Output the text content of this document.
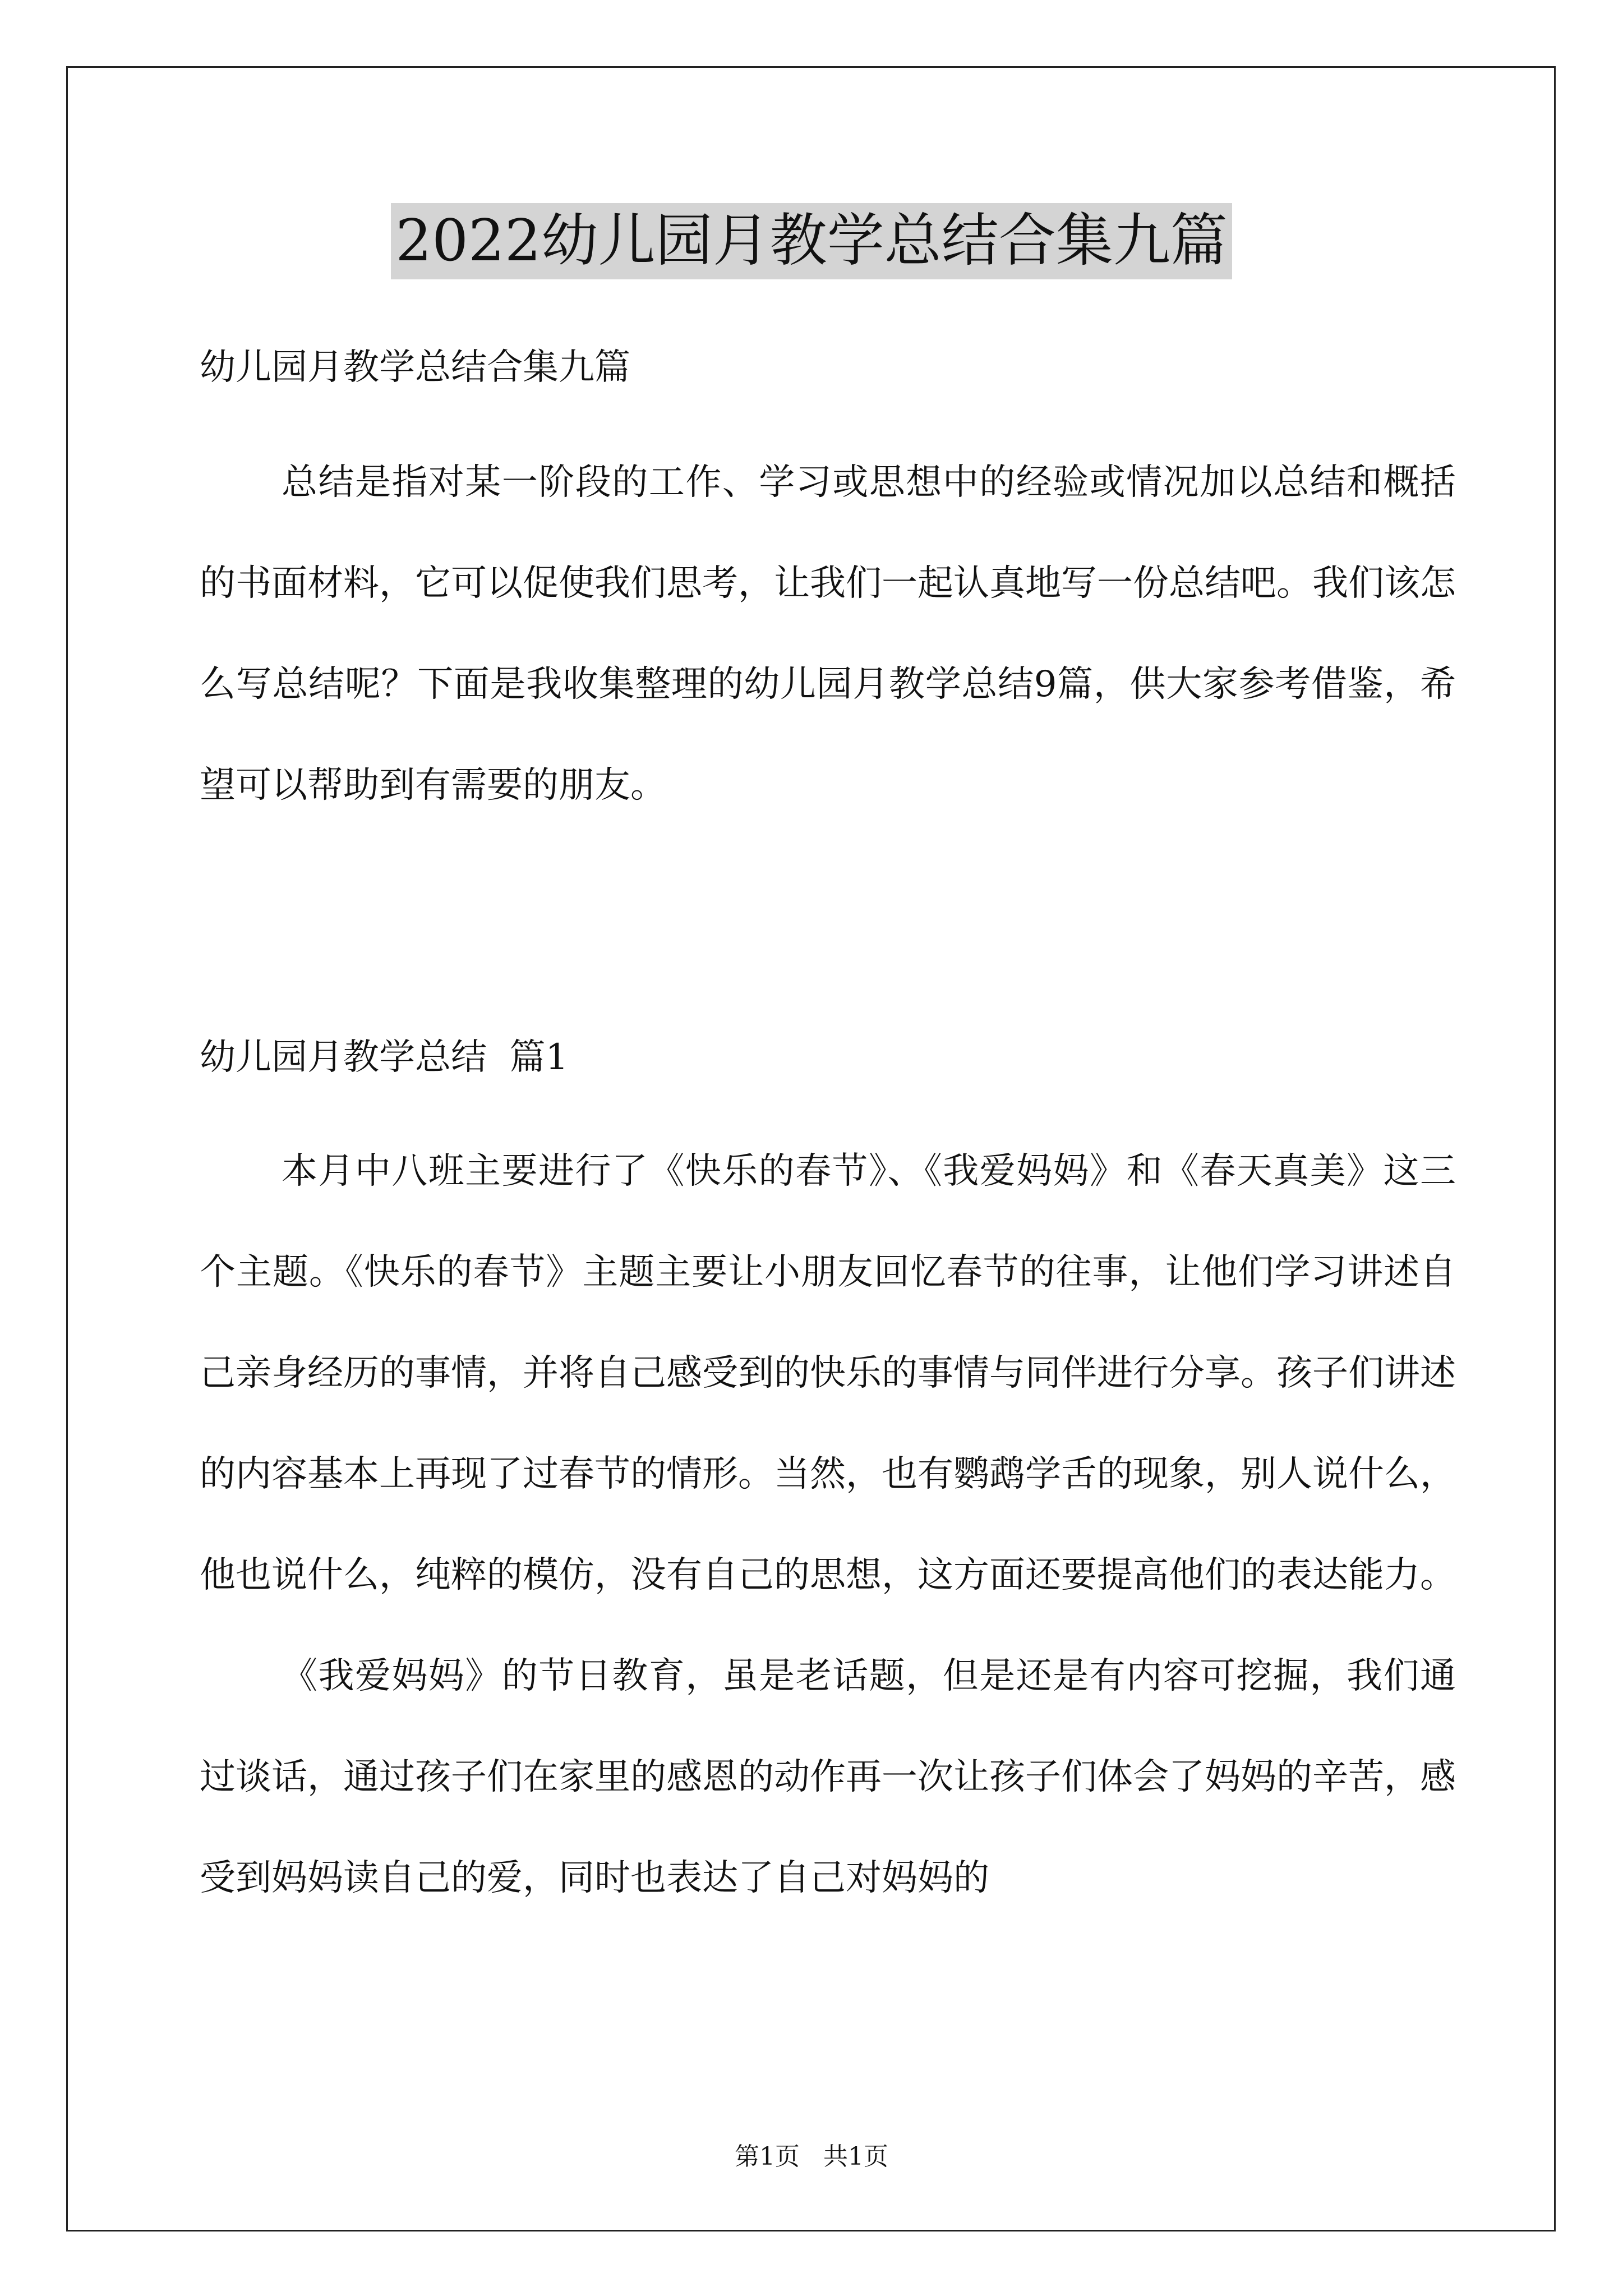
2022幼儿园月教学总结合集九篇

幼儿园月教学总结合集九篇

总结是指对某一阶段的工作、学习或思想中的经验或情况加以总结和概括的书面材料，它可以促使我们思考，让我们一起认真地写一份总结吧。我们该怎么写总结呢？下面是我收集整理的幼儿园月教学总结9篇，供大家参考借鉴，希望可以帮助到有需要的朋友。

幼儿园月教学总结  篇1

本月中八班主要进行了《快乐的春节》、《我爱妈妈》和《春天真美》这三个主题。《快乐的春节》主题主要让小朋友回忆春节的往事，让他们学习讲述自己亲身经历的事情，并将自己感受到的快乐的事情与同伴进行分享。孩子们讲述的内容基本上再现了过春节的情形。当然，也有鹦鹉学舌的现象，别人说什么，他也说什么，纯粹的模仿，没有自己的思想，这方面还要提高他们的表达能力。

《我爱妈妈》的节日教育，虽是老话题，但是还是有内容可挖掘，我们通过谈话，通过孩子们在家里的感恩的动作再一次让孩子们体会了妈妈的辛苦，感受到妈妈读自己的爱，同时也表达了自己对妈妈的

第1页   共1页
